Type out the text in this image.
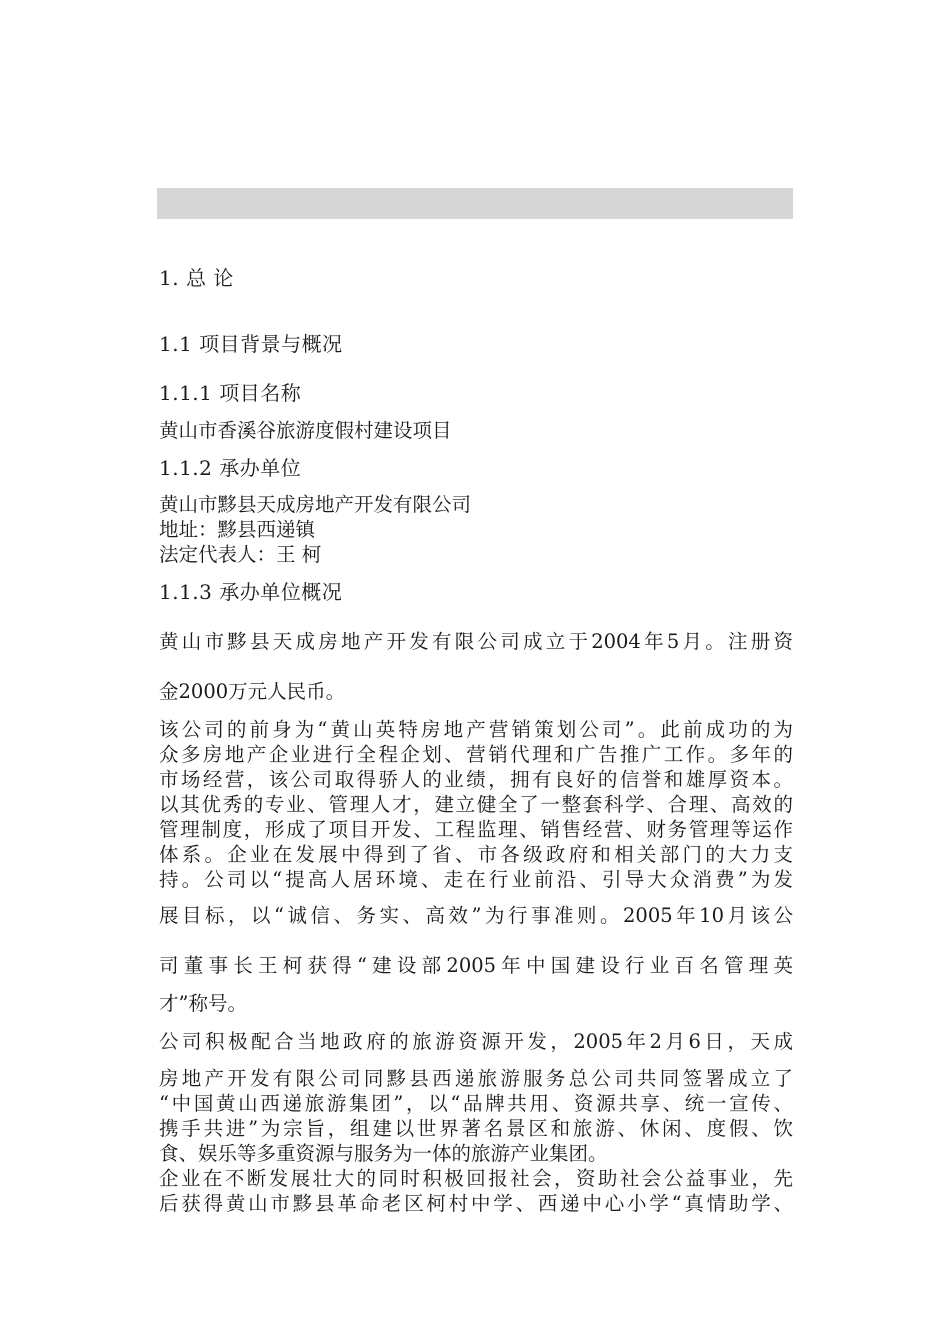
1. 总 论
1.1 项目背景与概况
1.1.1 项目名称
黄山市香溪谷旅游度假村建设项目
1.1.2 承办单位
黄山市黟县天成房地产开发有限公司
地址：黟县西递镇
法定代表人：王 柯
1.1.3 承办单位概况
黄山市黟县天成房地产开发有限公司成立于2004年5月。注册资
金2000万元人民币。
该公司的前身为“黄山英特房地产营销策划公司”。此前成功的为
众多房地产企业进行全程企划、营销代理和广告推广工作。多年的
市场经营，该公司取得骄人的业绩，拥有良好的信誉和雄厚资本。
以其优秀的专业、管理人才，建立健全了一整套科学、合理、高效的
管理制度，形成了项目开发、工程监理、销售经营、财务管理等运作
体系。企业在发展中得到了省、市各级政府和相关部门的大力支
持。公司以“提高人居环境、走在行业前沿、引导大众消费”为发
展目标，以“诚信、务实、高效”为行事准则。2005年10月该公
司董事长王柯获得“建设部2005年中国建设行业百名管理英
才”称号。
公司积极配合当地政府的旅游资源开发，2005年2月6日，天成
房地产开发有限公司同黟县西递旅游服务总公司共同签署成立了
“中国黄山西递旅游集团”，以“品牌共用、资源共享、统一宣传、
携手共进”为宗旨，组建以世界著名景区和旅游、休闲、度假、饮
食、娱乐等多重资源与服务为一体的旅游产业集团。
企业在不断发展壮大的同时积极回报社会，资助社会公益事业，先
后获得黄山市黟县革命老区柯村中学、西递中心小学“真情助学、
